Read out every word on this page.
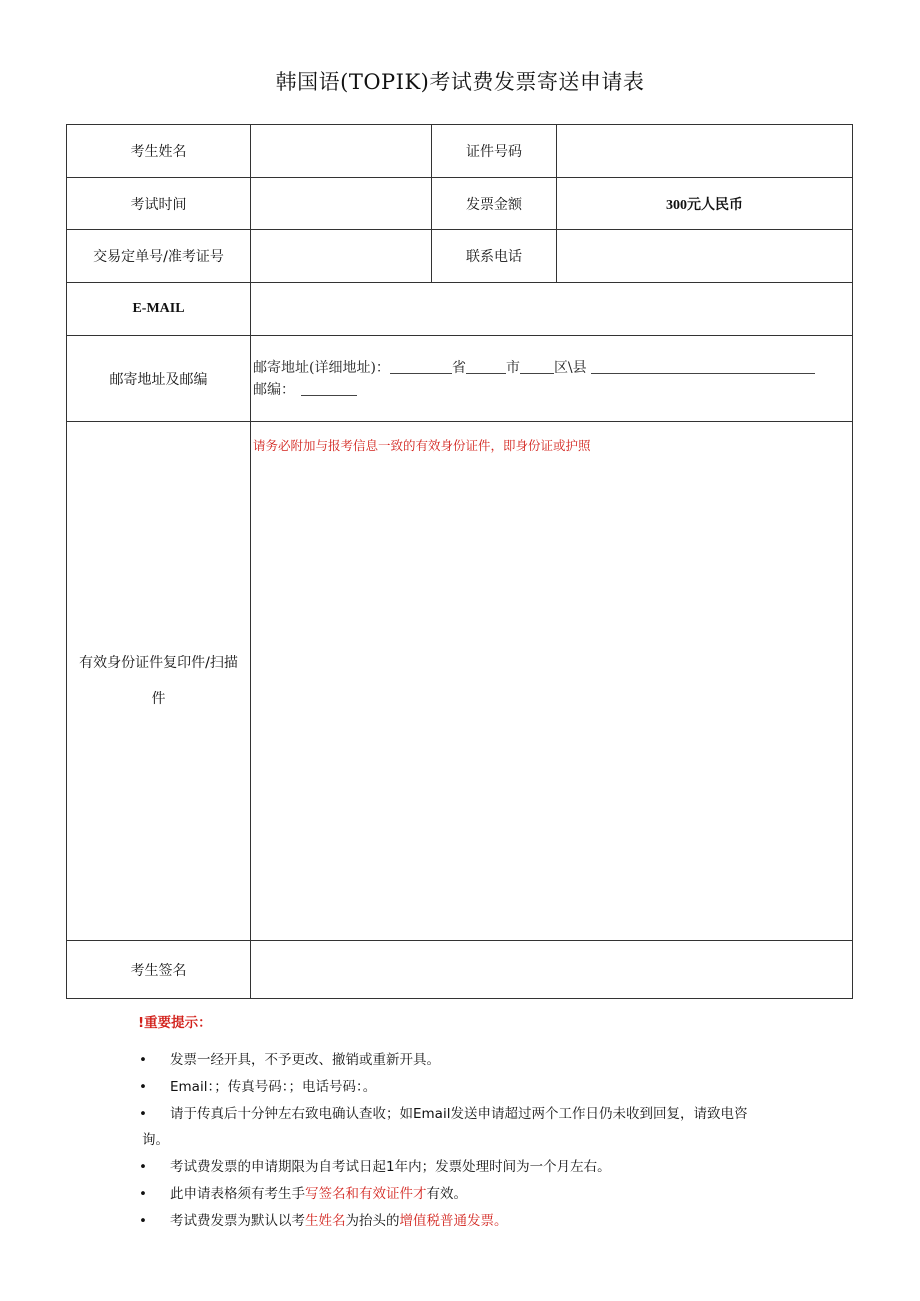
韩国语(TOPIK)考试费发票寄送申请表
考生姓名		证件号码	
考试时间		发票金额	300元人民币
交易定单号/准考证号		联系电话	
E-MAIL			
邮寄地址及邮编	邮寄地址(详细地址)： 省 市 区\县
邮编：		

有效身份证件复印件/扫描
件	请务必附加与报考信息一致的有效身份证件，即身份证或护照		
考生签名			
!重要提示：
• 发票一经开具，不予更改、撤销或重新开具。
• Email：；传真号码：；电话号码：。
• 请于传真后十分钟左右致电确认查收；如Email发送申请超过两个工作日仍未收到回复，请致电咨
询。
• 考试费发票的申请期限为自考试日起1年内；发票处理时间为一个月左右。
• 此申请表格须有考生手写签名和有效证件才有效。
• 考试费发票为默认以考生姓名为抬头的增值税普通发票。
